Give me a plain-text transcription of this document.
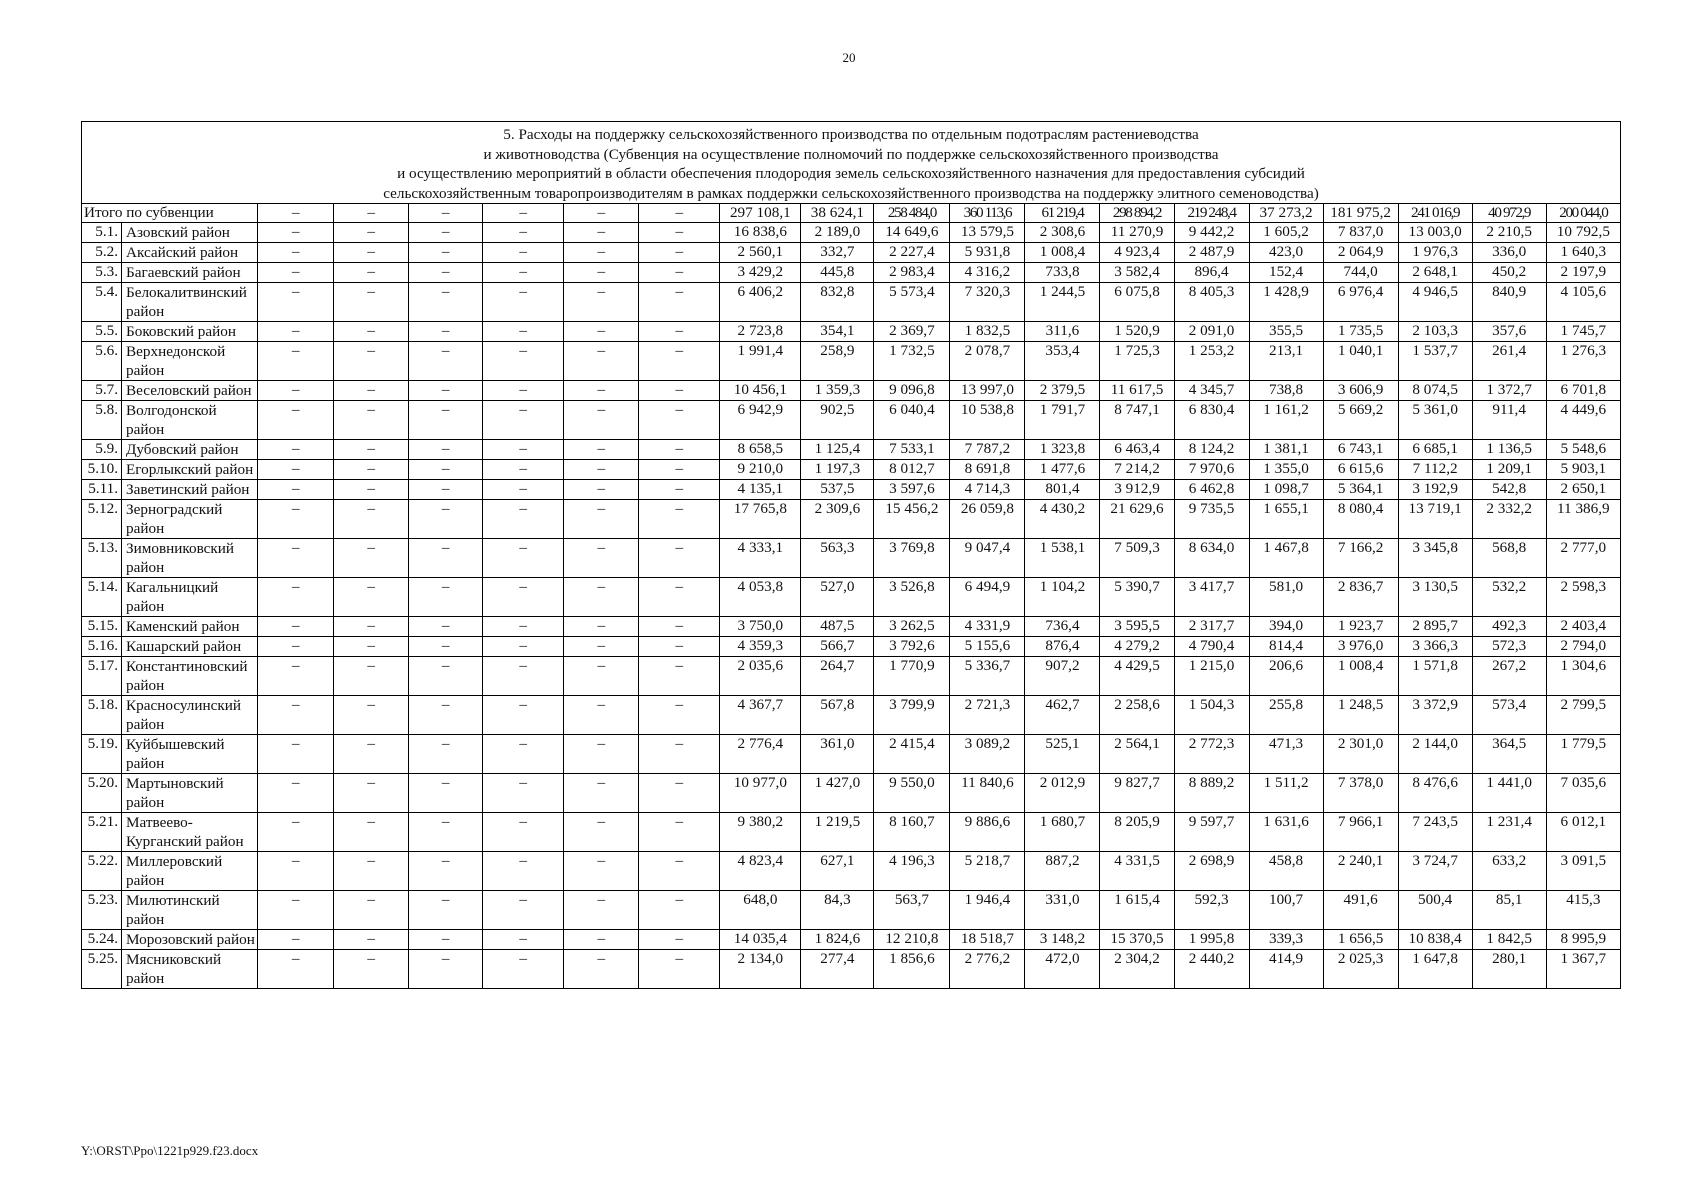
20
5. Расходы на поддержку сельскохозяйственного производства по отдельным подотраслям растениеводства
и животноводства (Субвенция на осуществление полномочий по поддержке сельскохозяйственного производства
и осуществлению мероприятий в области обеспечения плодородия земель сельскохозяйственного назначения для предоставления субсидий
сельскохозяйственным товаропроизводителям в рамках поддержки сельскохозяйственного производства на поддержку элитного семеноводства)																			

Итого по субвенции		–	–	–	–	–	–	297 108,1	38 624,1	258 484,0	360 113,6	61 219,4	298 894,2	219 248,4	37 273,2	181 975,2	241 016,9	40 972,9	200 044,0
5.1.	Азовский район	–	–	–	–	–	–	16 838,6	2 189,0	14 649,6	13 579,5	2 308,6	11 270,9	9 442,2	1 605,2	7 837,0	13 003,0	2 210,5	10 792,5
5.2.	Аксайский район	–	–	–	–	–	–	2 560,1	332,7	2 227,4	5 931,8	1 008,4	4 923,4	2 487,9	423,0	2 064,9	1 976,3	336,0	1 640,3
5.3.	Багаевский район	–	–	–	–	–	–	3 429,2	445,8	2 983,4	4 316,2	733,8	3 582,4	896,4	152,4	744,0	2 648,1	450,2	2 197,9
5.4.	Белокалитвинский район	–	–	–	–	–	–	6 406,2	832,8	5 573,4	7 320,3	1 244,5	6 075,8	8 405,3	1 428,9	6 976,4	4 946,5	840,9	4 105,6
5.5.	Боковский район	–	–	–	–	–	–	2 723,8	354,1	2 369,7	1 832,5	311,6	1 520,9	2 091,0	355,5	1 735,5	2 103,3	357,6	1 745,7
5.6.	Верхнедонской район	–	–	–	–	–	–	1 991,4	258,9	1 732,5	2 078,7	353,4	1 725,3	1 253,2	213,1	1 040,1	1 537,7	261,4	1 276,3
5.7.	Веселовский район	–	–	–	–	–	–	10 456,1	1 359,3	9 096,8	13 997,0	2 379,5	11 617,5	4 345,7	738,8	3 606,9	8 074,5	1 372,7	6 701,8
5.8.	Волгодонской район	–	–	–	–	–	–	6 942,9	902,5	6 040,4	10 538,8	1 791,7	8 747,1	6 830,4	1 161,2	5 669,2	5 361,0	911,4	4 449,6
5.9.	Дубовский район	–	–	–	–	–	–	8 658,5	1 125,4	7 533,1	7 787,2	1 323,8	6 463,4	8 124,2	1 381,1	6 743,1	6 685,1	1 136,5	5 548,6
5.10.	Егорлыкский район	–	–	–	–	–	–	9 210,0	1 197,3	8 012,7	8 691,8	1 477,6	7 214,2	7 970,6	1 355,0	6 615,6	7 112,2	1 209,1	5 903,1
5.11.	Заветинский район	–	–	–	–	–	–	4 135,1	537,5	3 597,6	4 714,3	801,4	3 912,9	6 462,8	1 098,7	5 364,1	3 192,9	542,8	2 650,1
5.12.	Зерноградский район	–	–	–	–	–	–	17 765,8	2 309,6	15 456,2	26 059,8	4 430,2	21 629,6	9 735,5	1 655,1	8 080,4	13 719,1	2 332,2	11 386,9
5.13.	Зимовниковский район	–	–	–	–	–	–	4 333,1	563,3	3 769,8	9 047,4	1 538,1	7 509,3	8 634,0	1 467,8	7 166,2	3 345,8	568,8	2 777,0
5.14.	Кагальницкий район	–	–	–	–	–	–	4 053,8	527,0	3 526,8	6 494,9	1 104,2	5 390,7	3 417,7	581,0	2 836,7	3 130,5	532,2	2 598,3
5.15.	Каменский район	–	–	–	–	–	–	3 750,0	487,5	3 262,5	4 331,9	736,4	3 595,5	2 317,7	394,0	1 923,7	2 895,7	492,3	2 403,4
5.16.	Кашарский район	–	–	–	–	–	–	4 359,3	566,7	3 792,6	5 155,6	876,4	4 279,2	4 790,4	814,4	3 976,0	3 366,3	572,3	2 794,0
5.17.	Константиновский район	–	–	–	–	–	–	2 035,6	264,7	1 770,9	5 336,7	907,2	4 429,5	1 215,0	206,6	1 008,4	1 571,8	267,2	1 304,6
5.18.	Красносулинский район	–	–	–	–	–	–	4 367,7	567,8	3 799,9	2 721,3	462,7	2 258,6	1 504,3	255,8	1 248,5	3 372,9	573,4	2 799,5
5.19.	Куйбышевский район	–	–	–	–	–	–	2 776,4	361,0	2 415,4	3 089,2	525,1	2 564,1	2 772,3	471,3	2 301,0	2 144,0	364,5	1 779,5
5.20.	Мартыновский район	–	–	–	–	–	–	10 977,0	1 427,0	9 550,0	11 840,6	2 012,9	9 827,7	8 889,2	1 511,2	7 378,0	8 476,6	1 441,0	7 035,6
5.21.	Матвеево-Курганский район	–	–	–	–	–	–	9 380,2	1 219,5	8 160,7	9 886,6	1 680,7	8 205,9	9 597,7	1 631,6	7 966,1	7 243,5	1 231,4	6 012,1
5.22.	Миллеровский район	–	–	–	–	–	–	4 823,4	627,1	4 196,3	5 218,7	887,2	4 331,5	2 698,9	458,8	2 240,1	3 724,7	633,2	3 091,5
5.23.	Милютинский район	–	–	–	–	–	–	648,0	84,3	563,7	1 946,4	331,0	1 615,4	592,3	100,7	491,6	500,4	85,1	415,3
5.24.	Морозовский район	–	–	–	–	–	–	14 035,4	1 824,6	12 210,8	18 518,7	3 148,2	15 370,5	1 995,8	339,3	1 656,5	10 838,4	1 842,5	8 995,9
5.25.	Мясниковский район	–	–	–	–	–	–	2 134,0	277,4	1 856,6	2 776,2	472,0	2 304,2	2 440,2	414,9	2 025,3	1 647,8	280,1	1 367,7
Y:\ORST\Ppo\1221p929.f23.docx
